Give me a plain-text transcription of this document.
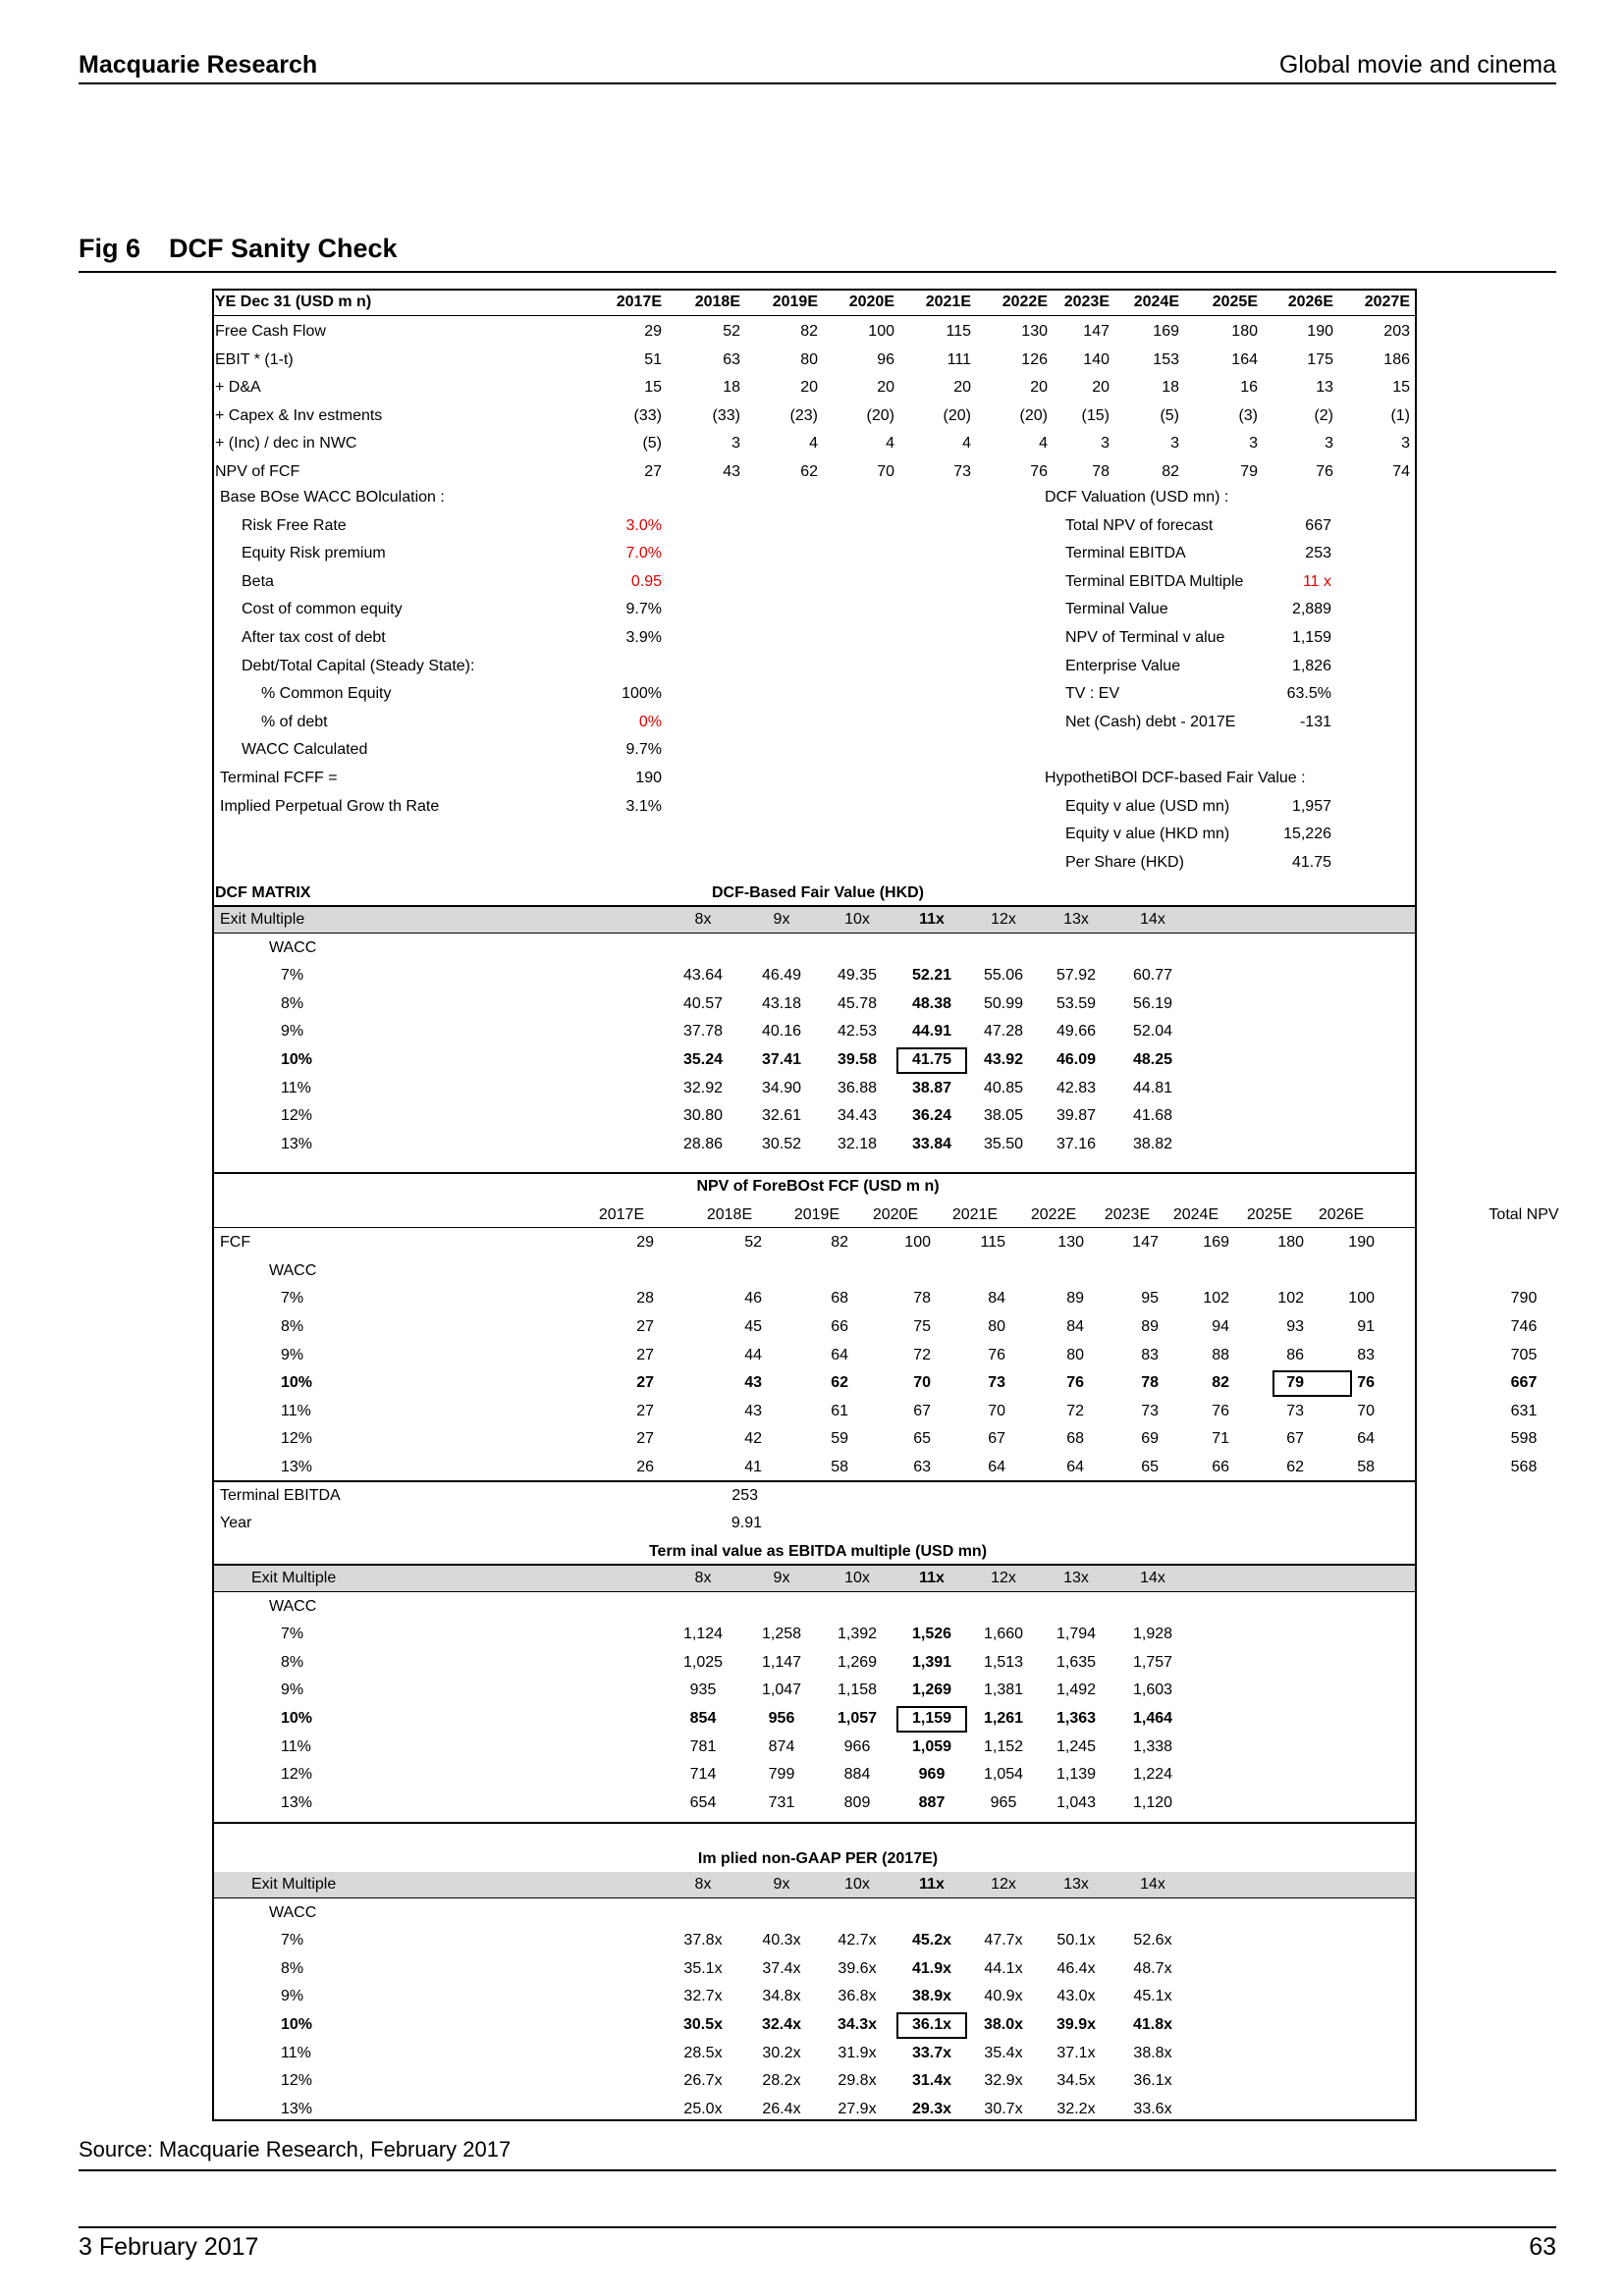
Macquarie Research	Global movie and cinema
Fig 6 DCF Sanity Check
YE Dec 31 (USD m n)	2017E 2018E 2019E 2020E 2021E 2022E 2023E 2024E 2025E 2026E 2027E
Free Cash Flow	29	52	82	100	115	130 147	169	180	190	203
EBIT * (1-t)	51	63	80	96	111	126 140	153	164	175	186
+ D&A	15	18	20	20	20	20	20	18	16	13	15
+ Capex & Inv estments	(33)	(33)	(23)	(20)	(20)	(20) (15)	(5)	(3)	(2)	(1)
+ (Inc) / dec in NWC	(5)	3	4	4	4	4	3	3	3	3	3
NPV of FCF	27	43	62	70	73	76	78	82	79	76	74
Base BOse WACC BOlculation :	DCF Valuation (USD mn) :
Risk Free Rate	3.0%	Total NPV of forecast	667
Equity Risk premium	7.0%	Terminal EBITDA	253
Beta	0.95	Terminal EBITDA Multiple	11 x
Cost of common equity	9.7%	Terminal Value	2,889
After tax cost of debt	3.9%	NPV of Terminal v alue	1,159
Debt/Total Capital (Steady State):	Enterprise Value	1,826
% Common Equity	100%	TV : EV	63.5%
% of debt	0%	Net (Cash) debt - 2017E	-131
WACC Calculated	9.7%
Terminal FCFF =	190	HypothetiBOl DCF-based Fair Value :
Implied Perpetual Grow th Rate	3.1%	Equity v alue (USD mn)	1,957
Equity v alue (HKD mn)	15,226
Per Share (HKD)	41.75
DCF MATRIX	DCF-Based Fair Value (HKD)
Exit Multiple	8x	9x	10x	11x	12x	13x	14x
WACC
7%	43.64	46.49	49.35	52.21	55.06	57.92	60.77
8%	40.57	43.18	45.78	48.38	50.99	53.59	56.19
9%	37.78	40.16	42.53	44.91	47.28	49.66	52.04
10%	35.24	37.41	39.58	41.75	43.92	46.09	48.25
11%	32.92	34.90	36.88	38.87	40.85	42.83	44.81
12%	30.80	32.61	34.43	36.24	38.05	39.87	41.68
13%	28.86	30.52	32.18	33.84	35.50	37.16	38.82
NPV of ForeBOst FCF (USD m n)
2017E	2018E	2019E	2020E	2021E	2022E	2023E	2024E	2025E	2026E	Total NPV
FCF	29	52	82	100	115	130	147	169	180	190
WACC
7%	28	46	68	78	84	89	95	102	102	100	790
8%	27	45	66	75	80	84	89	94	93	91	746
9%	27	44	64	72	76	80	83	88	86	83	705
10%	27	43	62	70	73	76	78	82	79	76	667
11%	27	43	61	67	70	72	73	76	73	70	631
12%	27	42	59	65	67	68	69	71	67	64	598
13%	26	41	58	63	64	64	65	66	62	58	568
Terminal EBITDA	253
Year	9.91
Term inal value as EBITDA multiple (USD mn)
Exit Multiple	8x	9x	10x	11x	12x	13x	14x
WACC
7%	1,124	1,258	1,392	1,526	1,660	1,794	1,928
8%	1,025	1,147	1,269	1,391	1,513	1,635	1,757
9%	935	1,047	1,158	1,269	1,381	1,492	1,603
10%	854	956	1,057	1,159	1,261	1,363	1,464
11%	781	874	966	1,059	1,152	1,245	1,338
12%	714	799	884	969	1,054	1,139	1,224
13%	654	731	809	887	965	1,043	1,120
Im plied non-GAAP PER (2017E)
Exit Multiple	8x	9x	10x	11x	12x	13x	14x
WACC
7%	37.8x	40.3x	42.7x	45.2x	47.7x	50.1x	52.6x
8%	35.1x	37.4x	39.6x	41.9x	44.1x	46.4x	48.7x
9%	32.7x	34.8x	36.8x	38.9x	40.9x	43.0x	45.1x
10%	30.5x	32.4x	34.3x	36.1x	38.0x	39.9x	41.8x
11%	28.5x	30.2x	31.9x	33.7x	35.4x	37.1x	38.8x
12%	26.7x	28.2x	29.8x	31.4x	32.9x	34.5x	36.1x
13%	25.0x	26.4x	27.9x	29.3x	30.7x	32.2x	33.6x
Source: Macquarie Research, February 2017
3 February 2017	63
